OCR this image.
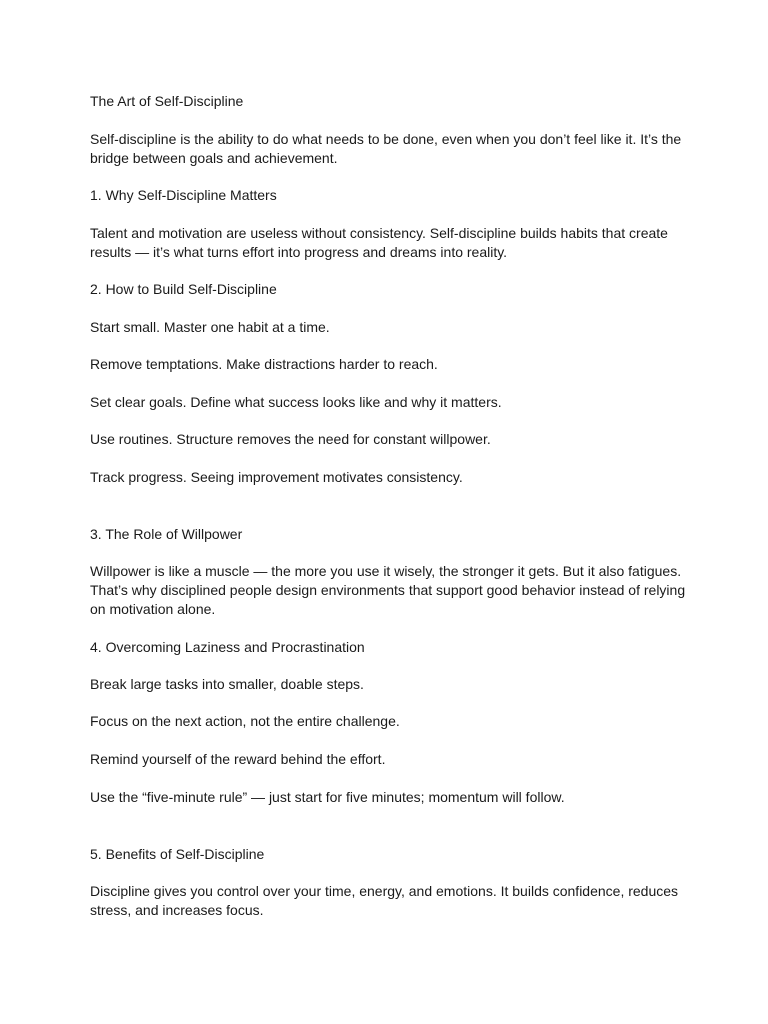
The Art of Self-Discipline

Self-discipline is the ability to do what needs to be done, even when you don’t feel like it. It’s the

bridge between goals and achievement.

1. Why Self-Discipline Matters

Talent and motivation are useless without consistency. Self-discipline builds habits that create

results — it’s what turns effort into progress and dreams into reality.

2. How to Build Self-Discipline

Start small. Master one habit at a time.

Remove temptations. Make distractions harder to reach.

Set clear goals. Define what success looks like and why it matters.

Use routines. Structure removes the need for constant willpower.

Track progress. Seeing improvement motivates consistency.

3. The Role of Willpower

Willpower is like a muscle — the more you use it wisely, the stronger it gets. But it also fatigues.

That’s why disciplined people design environments that support good behavior instead of relying

on motivation alone.

4. Overcoming Laziness and Procrastination

Break large tasks into smaller, doable steps.

Focus on the next action, not the entire challenge.

Remind yourself of the reward behind the effort.

Use the “five-minute rule” — just start for five minutes; momentum will follow.

5. Benefits of Self-Discipline

Discipline gives you control over your time, energy, and emotions. It builds confidence, reduces

stress, and increases focus.
